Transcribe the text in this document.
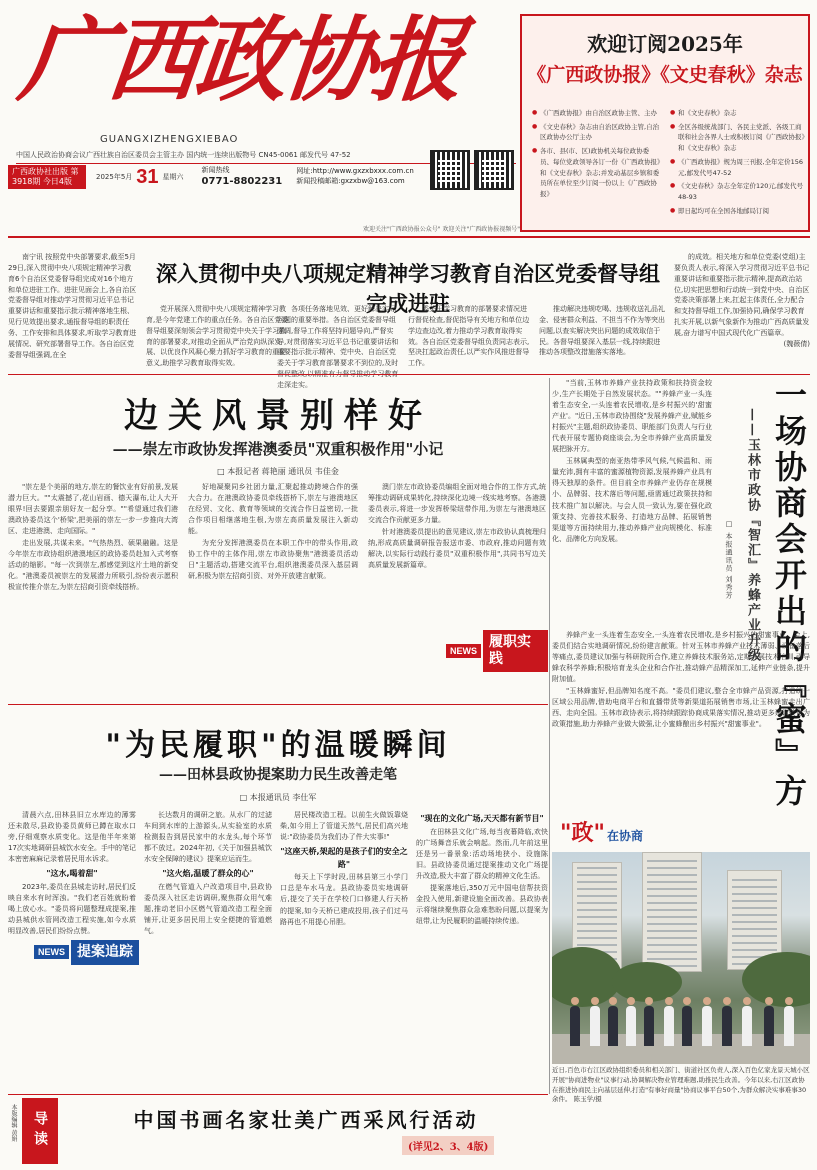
广西政协报
GUANGXIZHENGXIEBAO
中国人民政治协商会议广西壮族自治区委员会主管主办 国内统一连续出版物号 CN45-0061 邮发代号 47-52
广西政协社出版 第3918期 今日4版	2025年5月 31 星期六
新闻热线
0771-8802231
网址:http://www.gxzxbxxx.com.cn
新闻投稿邮箱:gxzxbw@163.com
欢迎关注"广西政协报公众号" 欢迎关注"广西政协报视频号"
欢迎订阅2025年
《广西政协报》《文史春秋》杂志
● 《广西政协报》由自治区政协主管、主办
● 《文史春秋》杂志由自治区政协主管,自治区政协办公厅主办
● 各市、县(市、区)政协机关每位政协委员、每位党政领导各订一份《广西政协报》和《文史春秋》杂志;并发动基层乡镇和委员所在单位至少订阅一份以上《广西政协报》
● 和《文史春秋》杂志
● 全区各级统战部门、各民主党派、各级工商联和社会各界人士或积极订阅《广西政协报》和《文史春秋》杂志
● 《广西政协报》规为周三刊报,全年定价156元,邮发代号47-52
● 《文史春秋》杂志全年定价120元,邮发代号48-93
● 即日起均可在全国各地邮局订阅
南宁讯 按照党中央部署要求,截至5月29日,深入贯彻中央八项规定精神学习教育6个自治区党委督导组完成对16个地方和单位进驻工作。进驻见面会上,各自治区党委督导组对推动学习贯彻习近平总书记重要讲话和重要指示批示精神落地生根、见行见效提出要求,通报督导组的职责任务、工作安排和具体要求,听取学习教育进展情况、研究部署督导工作。各自治区党委督导组强调,在全
深入贯彻中央八项规定精神学习教育自治区党委督导组完成进驻
党开展深入贯彻中央八项规定精神学习教育,是今年党建工作的重点任务。各自治区党委督导组要深刻领会学习贯彻党中央关于学习教育的部署要求,对推动全面从严治党向纵深发展、以优良作风凝心聚力抓好学习教育的重要意义,助推学习教育取得实效。
各项任务落地见效、更好解决实际问题的重要举措。各自治区党委督导组强调,督导工作将坚持问题导向,严督实导,对贯彻落实习近平总书记重要讲话和重要指示批示精神、党中央、自治区党委关于学习教育部署要求不到位的,及时 走深走实。
委关于学习教育的部署要求情况进行督促检查,督促指导有关地方和单位边学边查边改,着力推动学习教育取得实效。各自治区党委督导组负责同志表示,坚决扛起政治责任,以严实作风推进督导工作。
推动解决违规吃喝、违规收送礼品礼金、侵害群众利益、不担当不作为等突出问题,以查实解决突出问题的成效取信于民。各督导组要深入基层一线,持续跟进推动各项整改措施落实落地。
的成效。相关地方和单位党委(党组)主要负责人表示,将深入学习贯彻习近平总书记重要讲话和重要指示批示精神,提高政治站位,切实把思想和行动统一到党中央、自治区党委决策部署上来,扛起主体责任,全力配合和支持督导组工作,加强协同,确保学习教育扎实开展,以新气象新作为推动广西高质量发展,奋力谱写中国式现代化广西篇章。
(魏薇倩)
边关风景别样好
——崇左市政协发挥港澳委员"双重积极作用"小记
□ 本报记者 蒋艳丽 通讯员 韦佳金

"崇左是个美丽的地方,崇左的餐饮业有好前景,发展潜力巨大。""太震撼了,花山岩画、德天瀑布,让人大开眼界!回去要跟亲朋好友一起分享。""希望通过我们港澳政协委员这个'桥梁',把美丽的崇左一步一步推向大湾区、走进港澳、走向国际。"

走出发展,共谋未来。"气热热烈、硕果融融。这是今年崇左市政协组织港澳地区的政协委员赴加入式考察活动的缩影。"每一次到崇左,都感觉到这片土地的新变化。"港澳委员被崇左的发展潜力所吸引,纷纷表示愿积极宣传推介崇左,为崇左招商引资牵线搭桥。

好地凝聚同乡社团力量,汇聚起推动跨境合作的强大合力。在港澳政协委员牵线搭桥下,崇左与港澳地区在经贸、文化、教育等领域的交流合作日益密切,一批合作项目相继落地生根,为崇左高质量发展注入新动能。

为充分发挥港澳委员在本职工作中的带头作用,政协工作中的主体作用,崇左市政协聚焦"港澳委员活动日"主题活动,搭建交流平台,组织港澳委员深入基层调研,积极为崇左招商引资、对外开放建言献策。

澳门崇左市政协委员编组全面对地合作的工作方式,统筹推动调研成果转化,持续深化边境一线实地考察。各港澳委员表示,将进一步发挥桥梁纽带作用,为崇左与港澳地区交流合作贡献更多力量。

针对港澳委员提出的意见建议,崇左市政协认真梳理归纳,形成高质量调研报告报送市委、市政府,推动问题有效解决,以实际行动践行委员"双重积极作用",共同书写边关高质量发展新篇章。

NEWS
履职实践

"当前,玉林市养蜂产业扶持政策和扶持资金较少,生产长期处于自然发展状态。""养蜂产业一头连着生态安全,一头连着农民增收,是乡村振兴的'甜蜜产业'。"近日,玉林市政协围绕"发展养蜂产业,赋能乡村振兴"主题,组织政协委员、职能部门负责人与行业代表开展专题协商座谈会,为全市养蜂产业高质量发展把脉开方。

玉林属典型的南亚热带季风气候,气候温和、雨量充沛,拥有丰富的蜜源植物资源,发展养蜂产业具有得天独厚的条件。但目前全市养蜂产业仍存在规模小、品牌弱、技术落后等问题,亟需通过政策扶持和技术推广加以解决。与会人员一致认为,要在强化政策支持、完善技术服务、打造地方品牌、拓展销售渠道等方面持续用力,推动养蜂产业向规模化、标准化、品牌化方向发展。	一场协商会开出的『蜜』方
——玉林市政协『智汇』养蜂产业升级
□ 本报通讯员 刘秀芳

养蜂产业一头连着生态安全,一头连着农民增收,是乡村振兴的甜蜜事业。会上,委员们结合实地调研情况,纷纷建言献策。针对玉林市养蜂产业技术薄弱、设备落后等痛点,委员建议加强与科研院所合作,建立养蜂技术服务站,定期开展技术培训,引导蜂农科学养蜂;积极培育龙头企业和合作社,推动蜂产品精深加工,延伸产业链条,提升附加值。

"玉林蜂蜜好,但品牌知名度不高。"委员们建议,整合全市蜂产品资源,打造统一区域公用品牌,借助电商平台和直播带货等新渠道拓展销售市场,让玉林蜂蜜走出广西、走向全国。玉林市政协表示,将持续跟踪协商成果落实情况,推动更多建议转化为政策措施,助力养蜂产业做大做强,让小蜜蜂酿出乡村振兴"甜蜜事业"。

"为民履职"的温暖瞬间
——田林县政协提案助力民生改善走笔
□ 本报通讯员 李仕军

清晨六点,田林县旧立水库边的薄雾还未散尽,县政协委员黄师已蹲在取水口旁,仔细观察水质变化。这是他半年来第17次实地调研县城饮水安全。手中的笔记本密密麻麻记录着居民用水诉求。

"这水,喝着甜"

2023年,委员在县城走访时,居民们反映自来水有时浑浊。"我们老百姓就盼着喝上放心水。"委员将问题整理成提案,推动县城供水管网改造工程实施,如今水质明显改善,居民们纷纷点赞。

长达数月的调研之旅。从水厂的过滤车间到水库的上游源头,从实验室的水质检测报告到居民家中的水龙头,每个环节都不放过。2024年初,《关于加强县城饮水安全保障的建议》提案应运而生。

"这火焰,温暖了群众的心"

在燃气管道入户改造项目中,县政协委员深入社区走访调研,聚焦群众用气难题,推动老旧小区燃气管道改造工程全面铺开,让更多居民用上安全便捷的管道燃气。

居民楼改造工程。以前生火做饭靠烧柴,如今用上了管道天然气,居民们高兴地说:"政协委员为我们办了件大实事!"

"这座天桥,架起的是孩子们的安全之路"

每天上下学时段,田林县第三小学门口总是车水马龙。县政协委员实地调研后,提交了关于在学校门口修建人行天桥的提案,如今天桥已建成投用,孩子们过马路再也不用提心吊胆。

"现在的文化广场,天天都有新节目"

在田林县文化广场,每当夜幕降临,欢快的广场舞音乐就会响起。然而,几年前这里还是另一番景象:活动场地狭小、设施陈旧。县政协委员通过提案推动文化广场提升改造,极大丰富了群众的精神文化生活。

提案落地后,350万元中国电信帮扶资金投入使用,新建设施全面改善。县政协表示将继续聚焦群众急难愁盼问题,以提案为纽带,让为民履职的温暖持续传递。

NEWS 提案追踪
"政" 在协商
近日,百色市右江区政协组织委员和相关部门、街道社区负责人,深入百色亿家龙景天城小区开展"协商进物业"议事行动,协调解决物业管理难题,助推民生改善。今年以来,右江区政协在推进协商民主向基层延伸,打造"有事好商量"协商议事平台50个,为群众解决实事难事30余件。 陈玉学/摄
本版编辑 黄娟	导读	中国书画名家壮美广西采风行活动
(详见2、3、4版)
